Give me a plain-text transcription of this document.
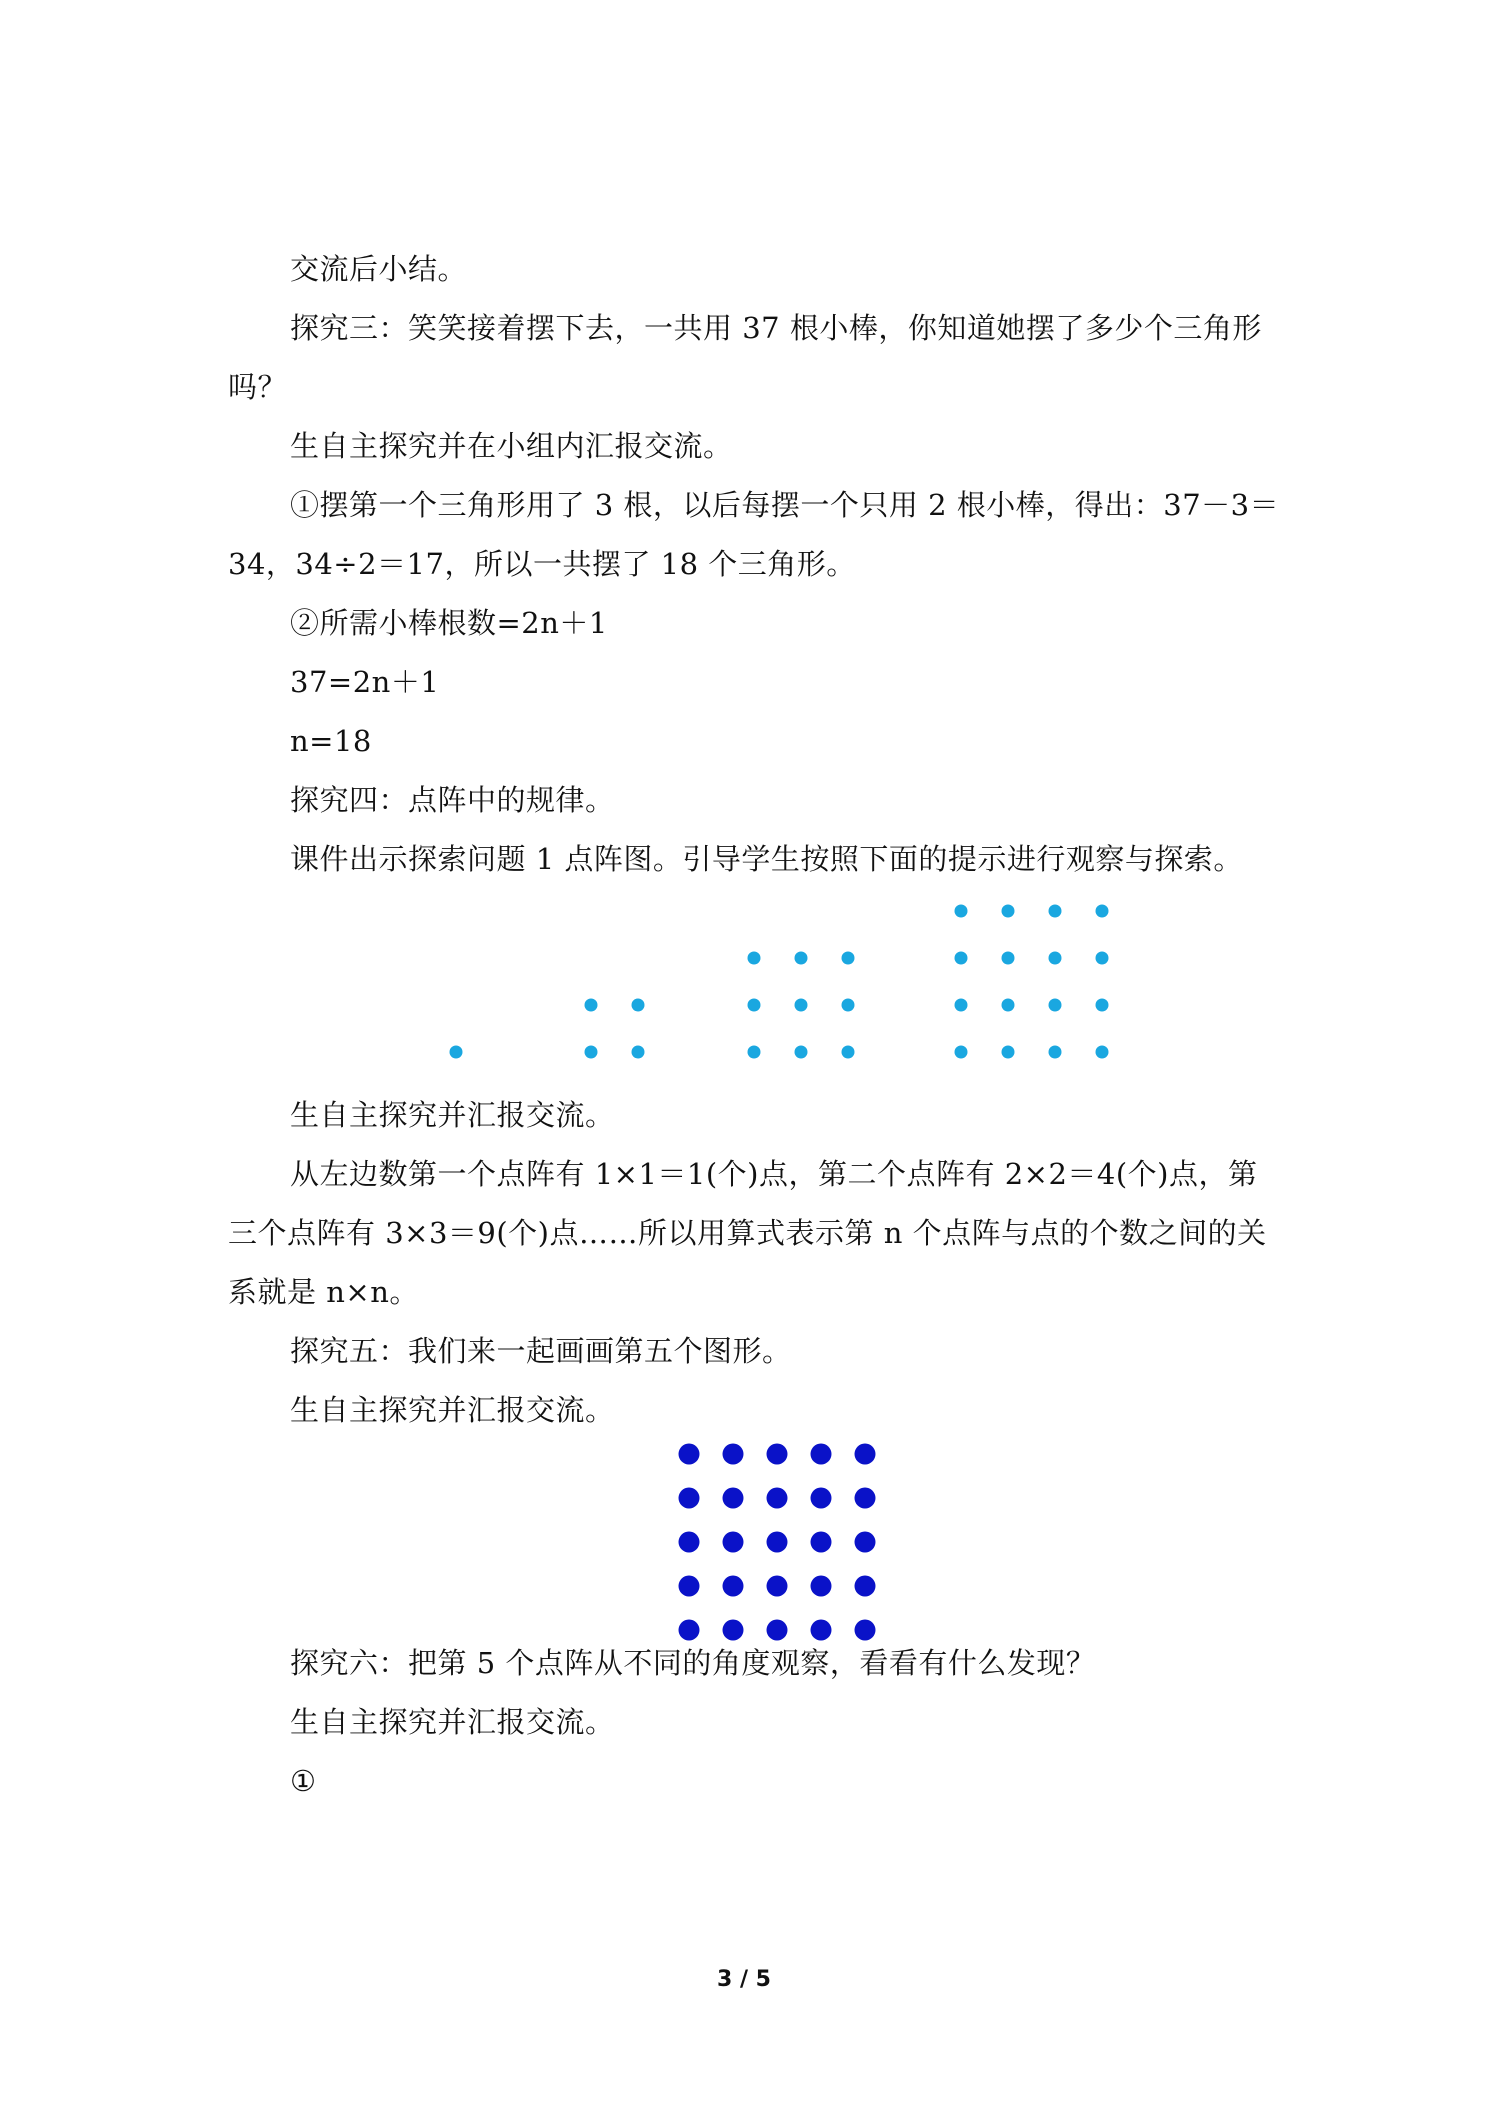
交流后小结。
探究三：笑笑接着摆下去，一共用 37 根小棒，你知道她摆了多少个三角形
吗？
生自主探究并在小组内汇报交流。
①摆第一个三角形用了 3 根，以后每摆一个只用 2 根小棒，得出：37－3＝
34，34÷2＝17，所以一共摆了 18 个三角形。
②所需小棒根数=2n＋1
37=2n＋1
n=18
探究四：点阵中的规律。
课件出示探索问题 1 点阵图。引导学生按照下面的提示进行观察与探索。
生自主探究并汇报交流。
从左边数第一个点阵有 1×1＝1(个)点，第二个点阵有 2×2＝4(个)点，第
三个点阵有 3×3＝9(个)点……所以用算式表示第 n 个点阵与点的个数之间的关
系就是 n×n。
探究五：我们来一起画画第五个图形。
生自主探究并汇报交流。
探究六：把第 5 个点阵从不同的角度观察，看看有什么发现？
生自主探究并汇报交流。
①
3 / 5
